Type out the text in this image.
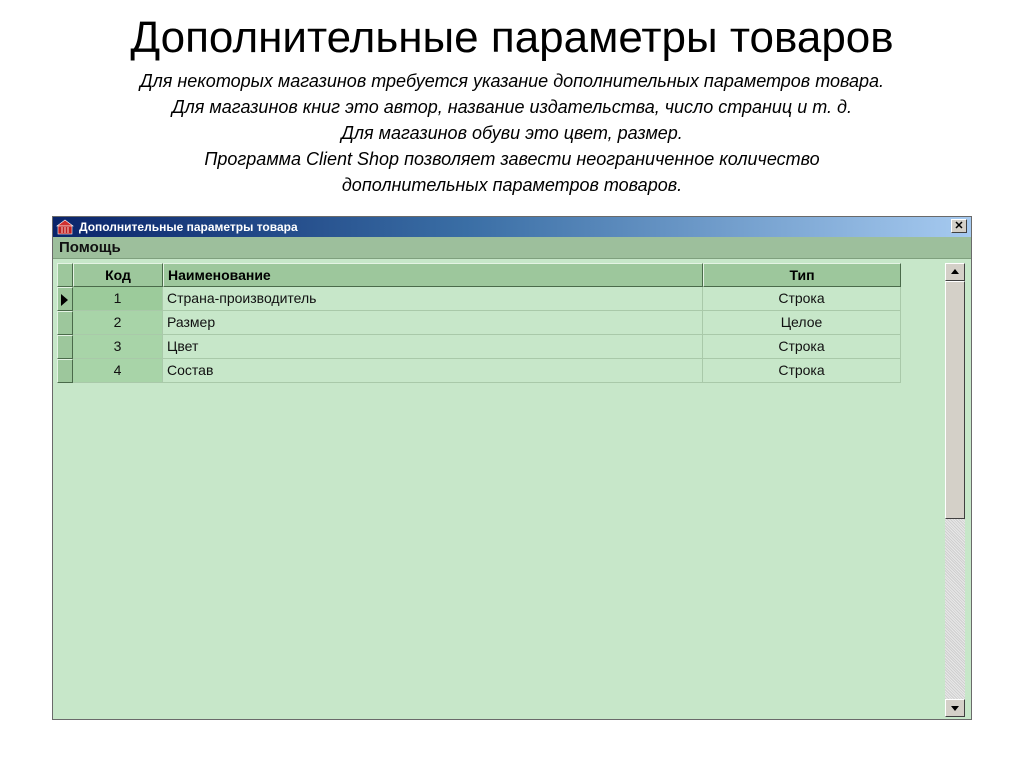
Дополнительные параметры товаров
Для некоторых магазинов требуется указание дополнительных параметров товара.
Для магазинов книг это автор, название издательства, число страниц и т. д.
Для магазинов обуви это цвет, размер.
Программа Client Shop позволяет завести неограниченное количество
дополнительных параметров товаров.
Дополнительные параметры товара	✕
Помощь
Код	Наименование	Тип
1	Страна-производитель	Строка
2	Размер	Целое
3	Цвет	Строка
4	Состав	Строка
